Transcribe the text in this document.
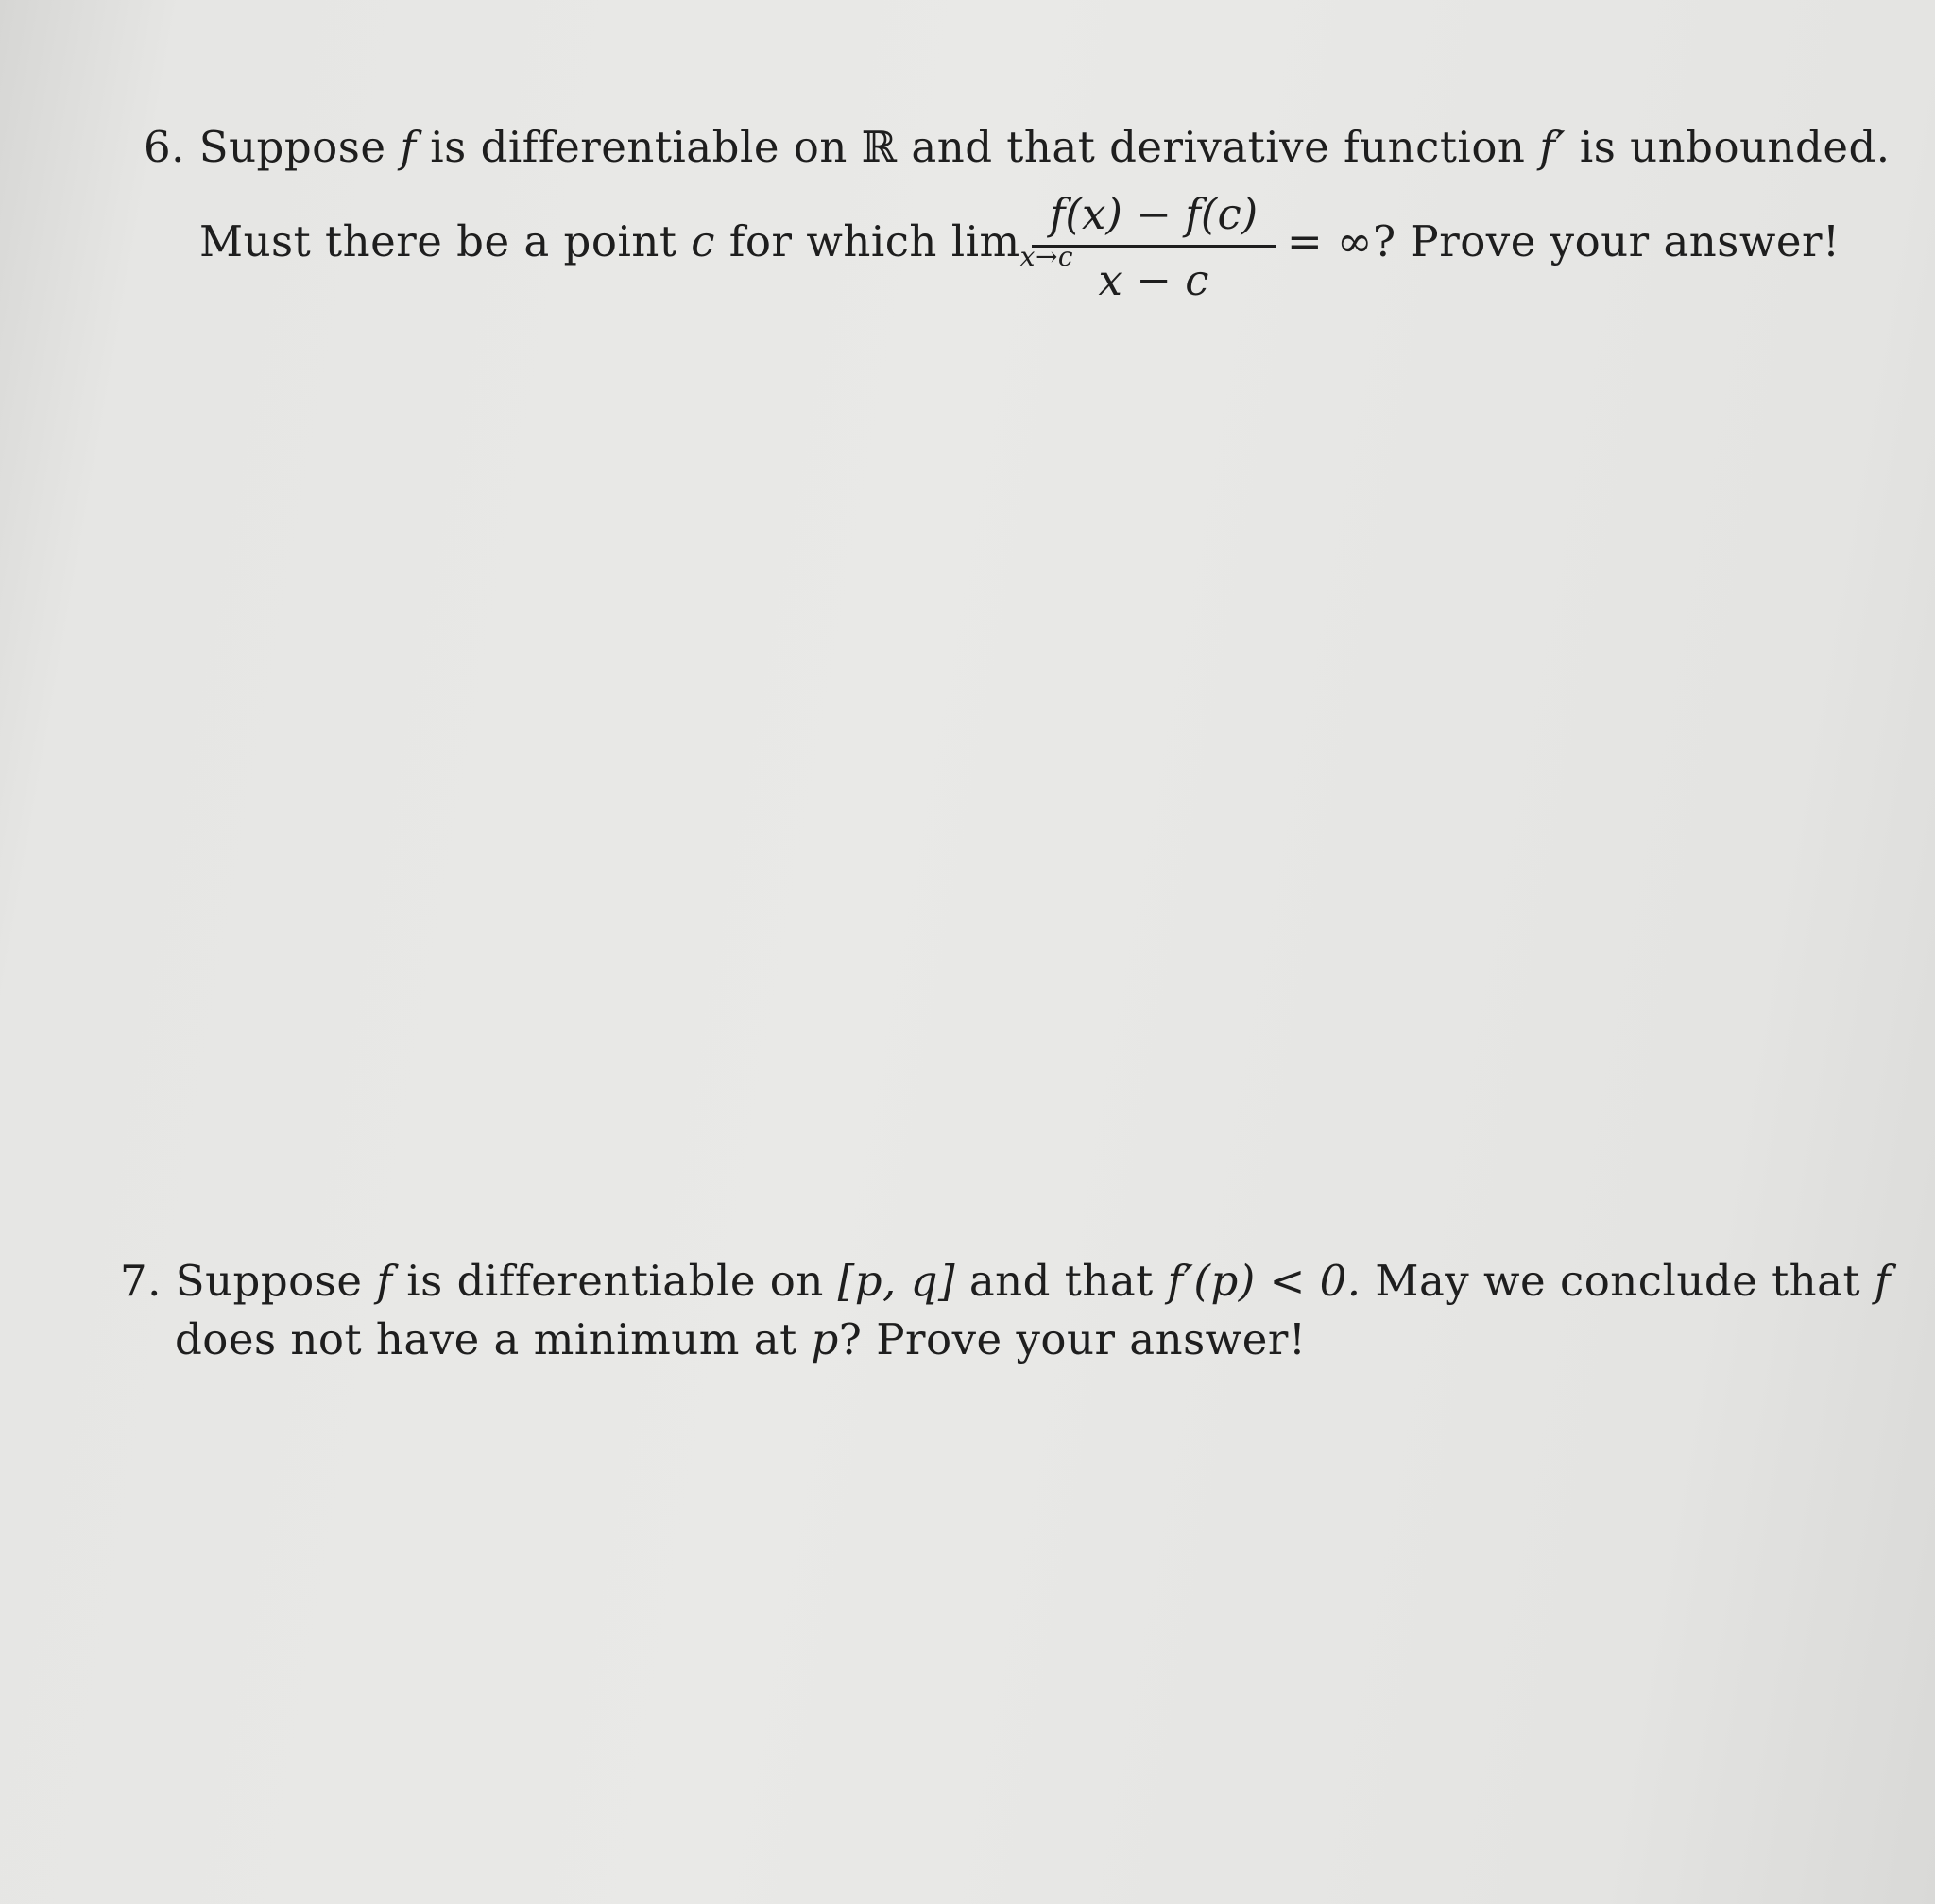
6. Suppose f is differentiable on ℝ and that derivative function f′ is unbounded.
Must there be a point c for which $\lim_{x\to c}$
$\frac{f(x) - f(c)}{x - c}$ = ∞? Prove your answer!
7. Suppose f is differentiable on [p, q] and that f′(p) < 0. May we conclude that f
does not have a minimum at p? Prove your answer!
